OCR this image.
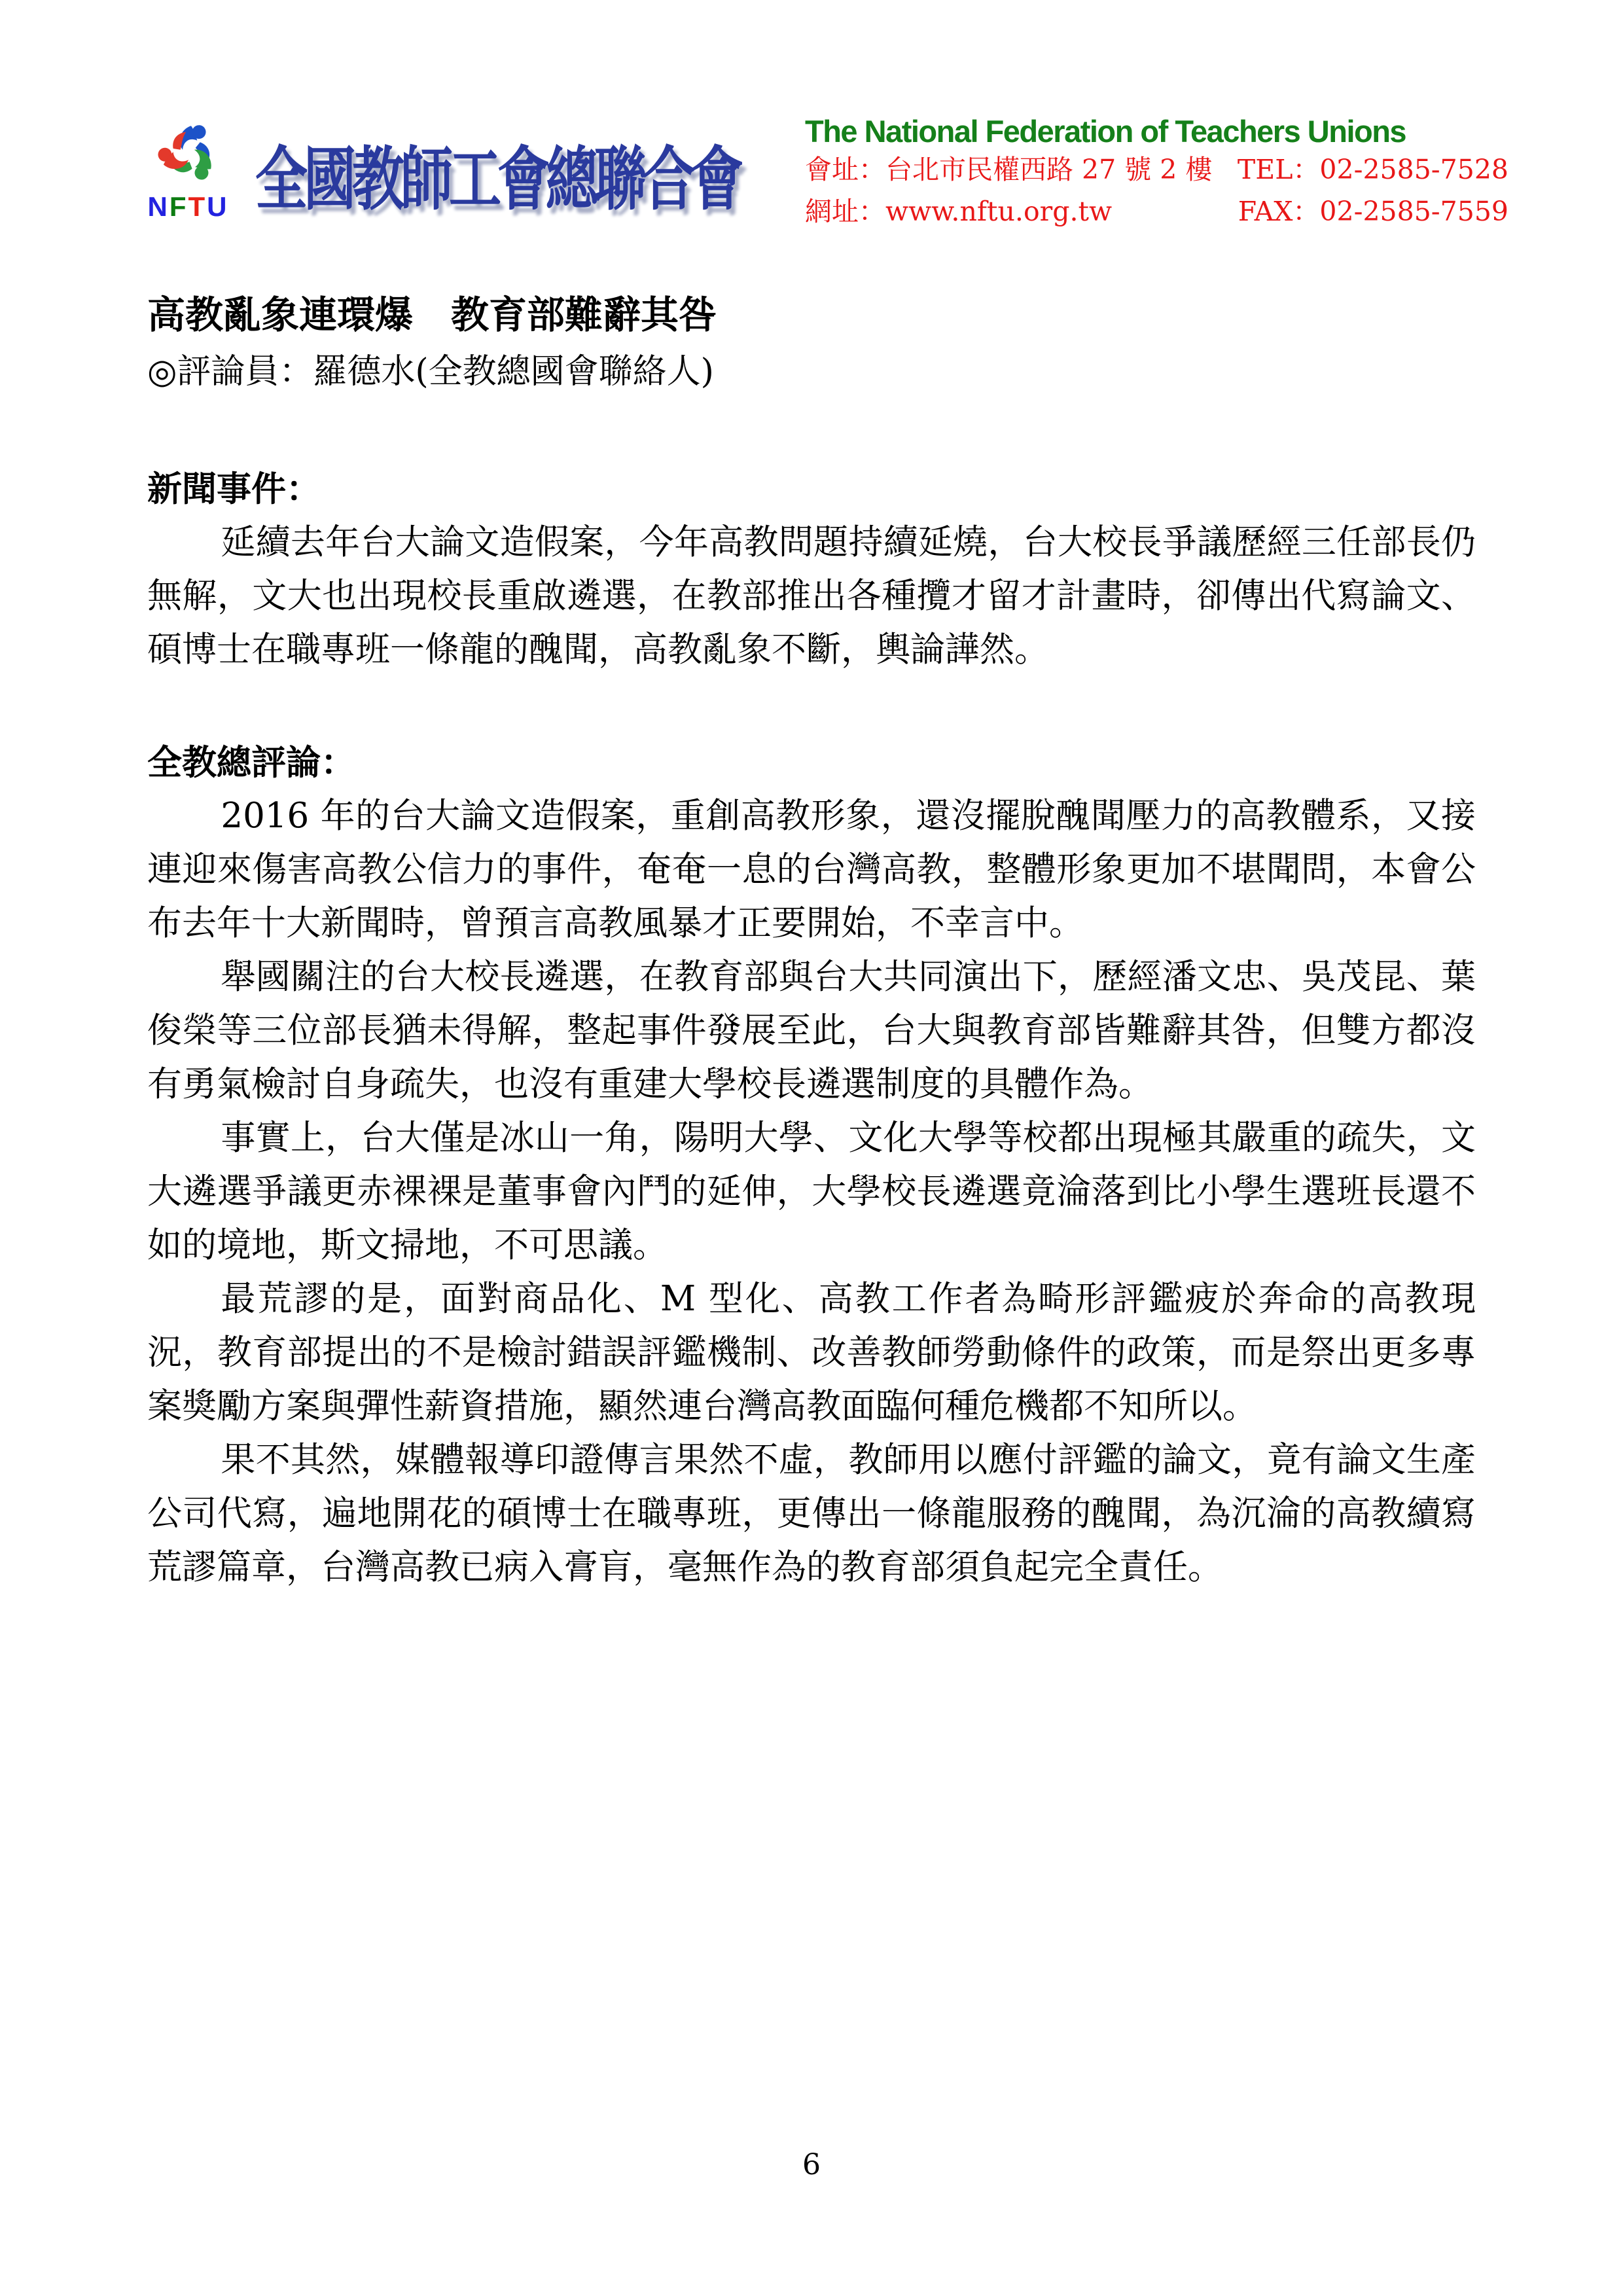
NFTU 全國教師工會總聯合會
The National Federation of Teachers Unions
會址：台北市民權西路 27 號 2 樓 TEL：02-2585-7528
網址：www.nftu.org.tw	FAX：02-2585-7559
高教亂象連環爆　教育部難辭其咎
◎評論員：羅德水(全教總國會聯絡人)
新聞事件：

延續去年台大論文造假案，今年高教問題持續延燒，台大校長爭議歷經三任部長仍無解，文大也出現校長重啟遴選，在教部推出各種攬才留才計畫時，卻傳出代寫論文、碩博士在職專班一條龍的醜聞，高教亂象不斷，輿論譁然。

全教總評論：

2016 年的台大論文造假案，重創高教形象，還沒擺脫醜聞壓力的高教體系，又接連迎來傷害高教公信力的事件，奄奄一息的台灣高教，整體形象更加不堪聞問，本會公布去年十大新聞時，曾預言高教風暴才正要開始，不幸言中。

舉國關注的台大校長遴選，在教育部與台大共同演出下，歷經潘文忠、吳茂昆、葉俊榮等三位部長猶未得解，整起事件發展至此，台大與教育部皆難辭其咎，但雙方都沒有勇氣檢討自身疏失，也沒有重建大學校長遴選制度的具體作為。

事實上，台大僅是冰山一角，陽明大學、文化大學等校都出現極其嚴重的疏失，文大遴選爭議更赤裸裸是董事會內鬥的延伸，大學校長遴選竟淪落到比小學生選班長還不如的境地，斯文掃地，不可思議。

最荒謬的是，面對商品化、M 型化、高教工作者為畸形評鑑疲於奔命的高教現況，教育部提出的不是檢討錯誤評鑑機制、改善教師勞動條件的政策，而是祭出更多專案獎勵方案與彈性薪資措施，顯然連台灣高教面臨何種危機都不知所以。

果不其然，媒體報導印證傳言果然不虛，教師用以應付評鑑的論文，竟有論文生產公司代寫，遍地開花的碩博士在職專班，更傳出一條龍服務的醜聞，為沉淪的高教續寫荒謬篇章，台灣高教已病入膏肓，毫無作為的教育部須負起完全責任。

6
